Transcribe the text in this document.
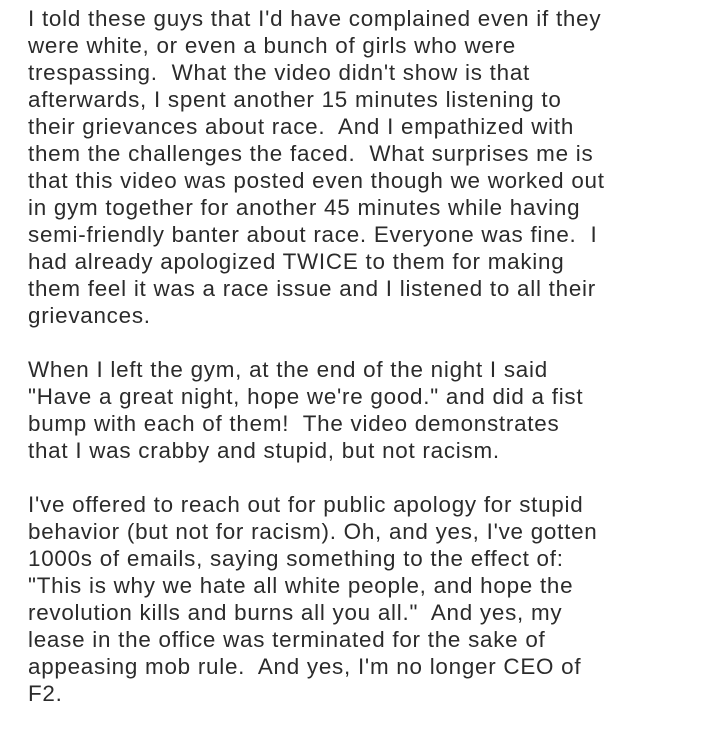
I told these guys that I'd have complained even if they
were white, or even a bunch of girls who were
trespassing.  What the video didn't show is that
afterwards, I spent another 15 minutes listening to
their grievances about race.  And I empathized with
them the challenges the faced.  What surprises me is
that this video was posted even though we worked out
in gym together for another 45 minutes while having
semi-friendly banter about race. Everyone was fine.  I
had already apologized TWICE to them for making
them feel it was a race issue and I listened to all their
grievances.
When I left the gym, at the end of the night I said
"Have a great night, hope we're good." and did a fist
bump with each of them!  The video demonstrates
that I was crabby and stupid, but not racism.
I've offered to reach out for public apology for stupid
behavior (but not for racism). Oh, and yes, I've gotten
1000s of emails, saying something to the effect of:
"This is why we hate all white people, and hope the
revolution kills and burns all you all."  And yes, my
lease in the office was terminated for the sake of
appeasing mob rule.  And yes, I'm no longer CEO of
F2.
